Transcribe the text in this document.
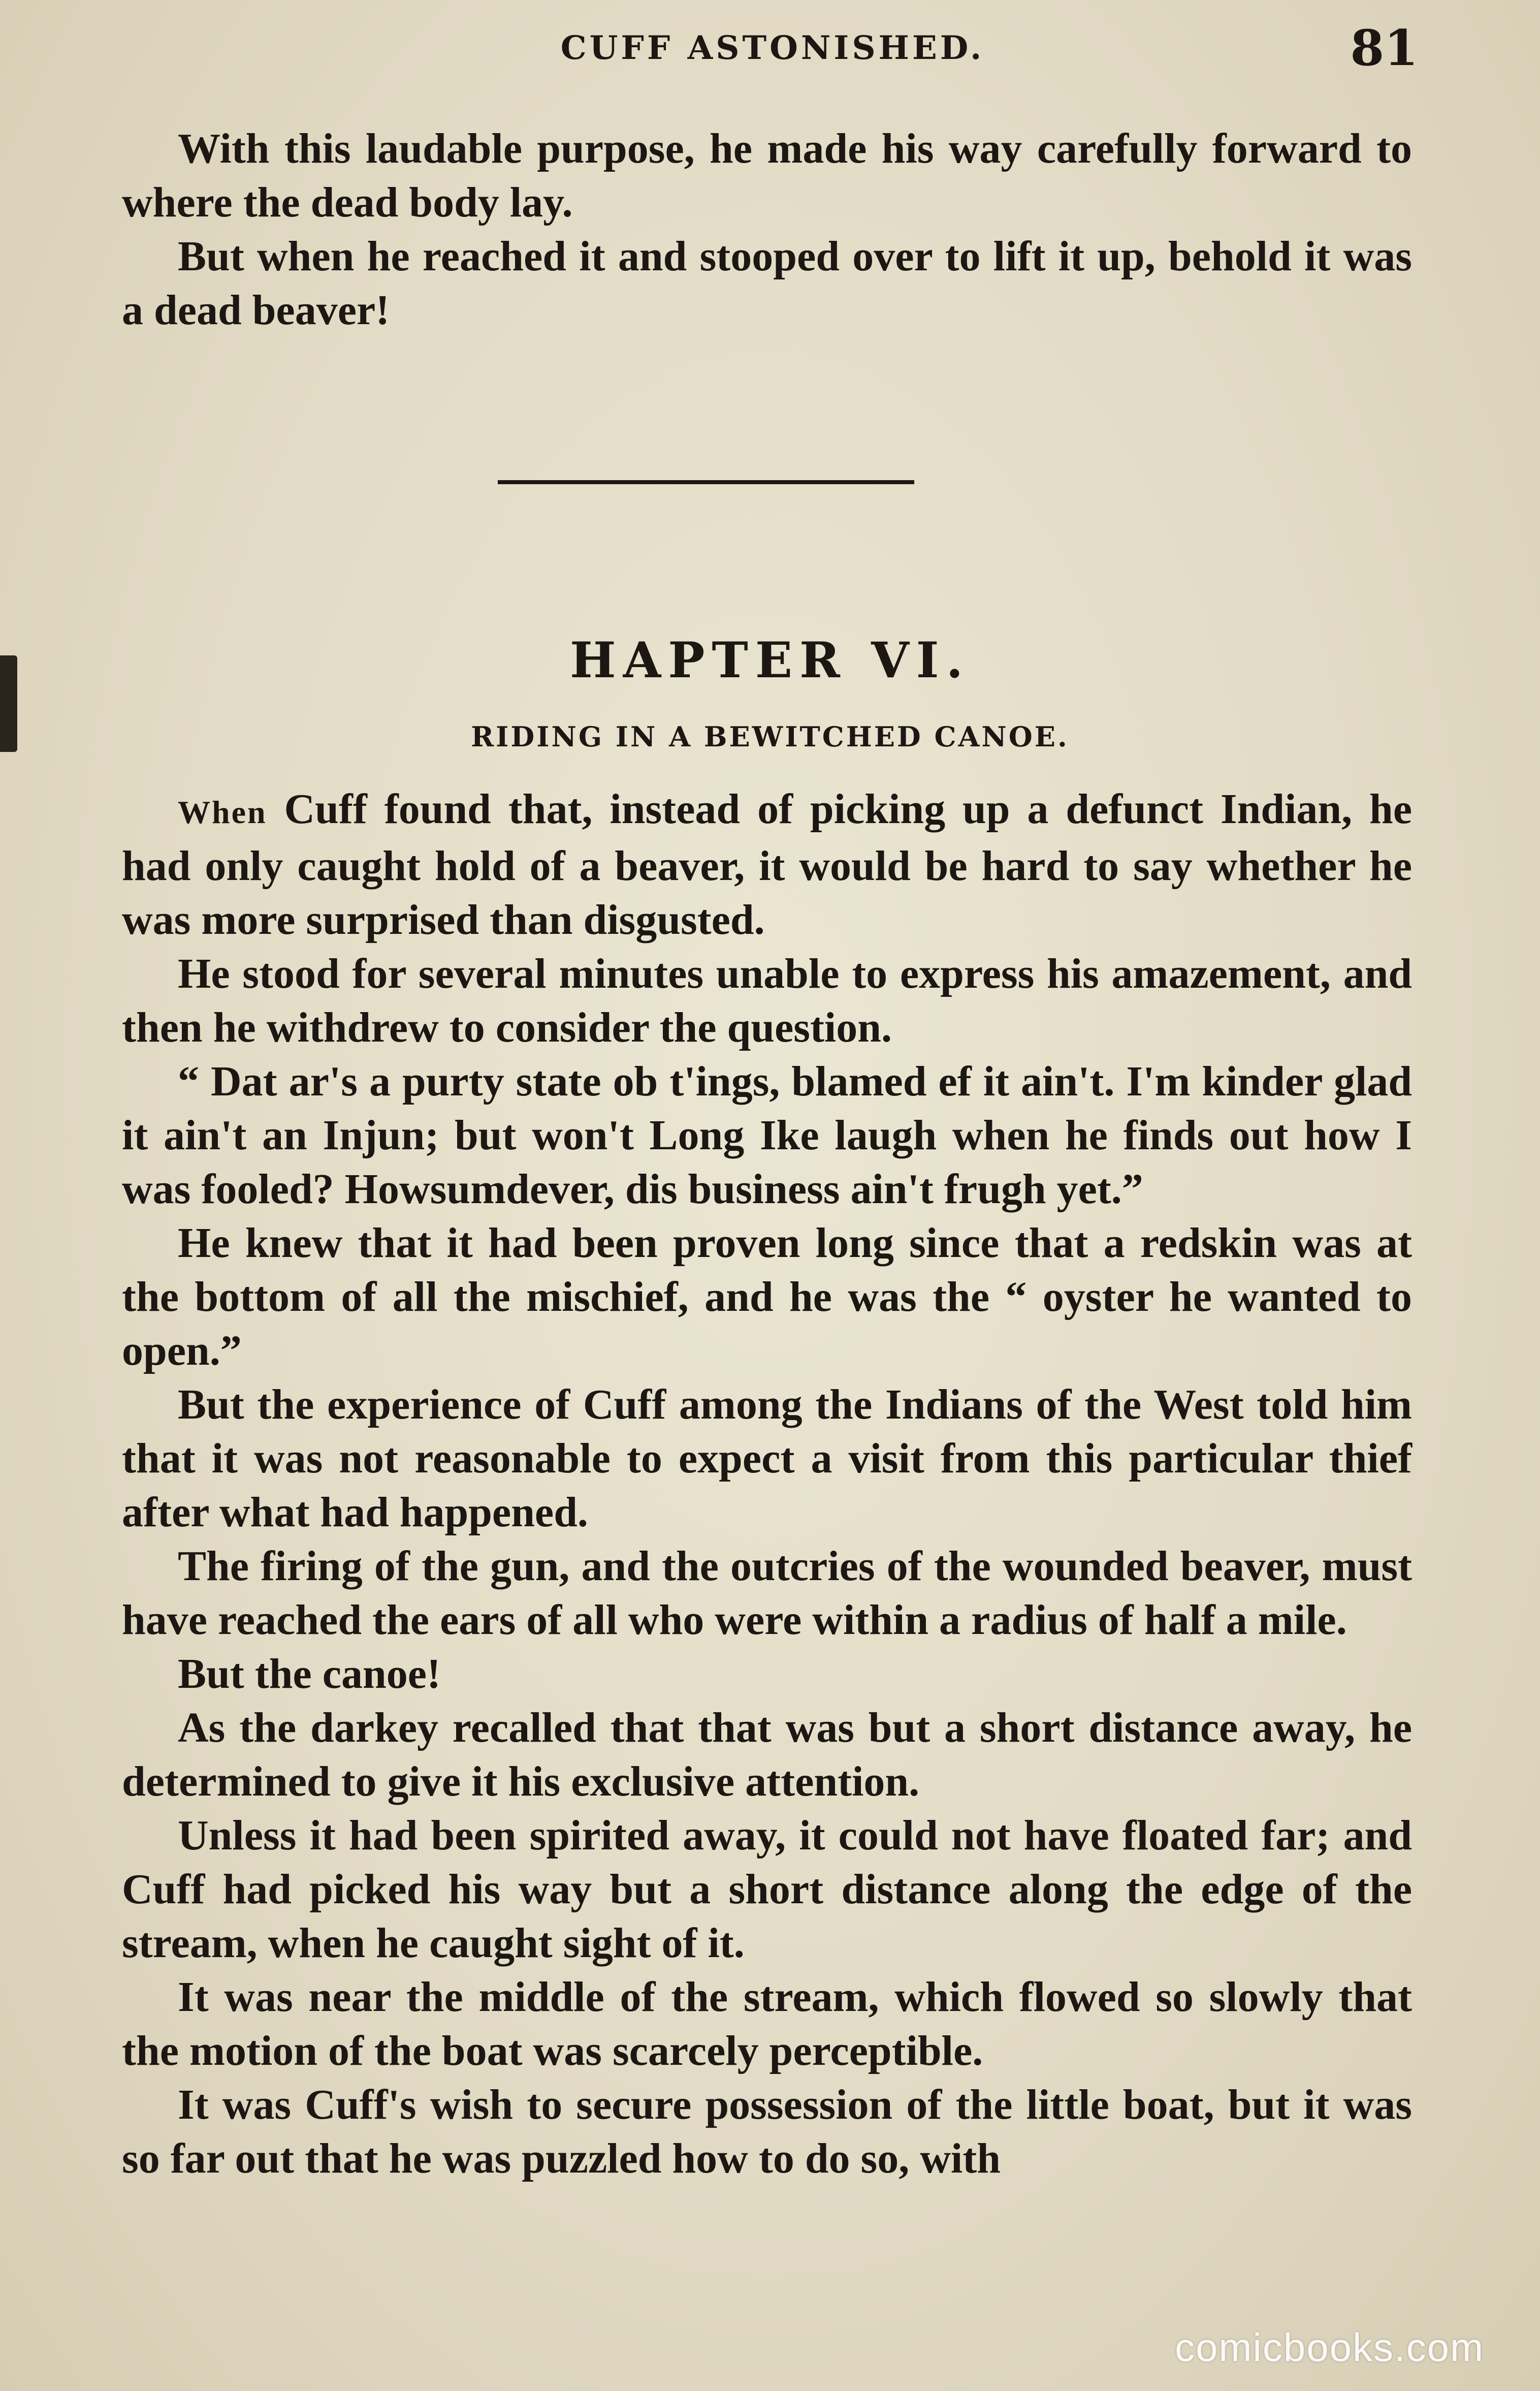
CUFF ASTONISHED.	81

With this laudable purpose, he made his way carefully forward to where the dead body lay.

But when he reached it and stooped over to lift it up, behold it was a dead beaver!

HAPTER VI.
RIDING IN A BEWITCHED CANOE.

When Cuff found that, instead of picking up a defunct Indian, he had only caught hold of a beaver, it would be hard to say whether he was more surprised than disgusted.

He stood for several minutes unable to express his amazement, and then he withdrew to consider the question.

“ Dat ar's a purty state ob t'ings, blamed ef it ain't. I'm kinder glad it ain't an Injun; but won't Long Ike laugh when he finds out how I was fooled? Howsumdever, dis business ain't frugh yet.”

He knew that it had been proven long since that a redskin was at the bottom of all the mischief, and he was the “ oyster he wanted to open.”

But the experience of Cuff among the Indians of the West told him that it was not reasonable to expect a visit from this particular thief after what had happened.

The firing of the gun, and the outcries of the wounded beaver, must have reached the ears of all who were within a radius of half a mile.

But the canoe!

As the darkey recalled that that was but a short distance away, he determined to give it his exclusive attention.

Unless it had been spirited away, it could not have floated far; and Cuff had picked his way but a short distance along the edge of the stream, when he caught sight of it.

It was near the middle of the stream, which flowed so slowly that the motion of the boat was scarcely perceptible.

It was Cuff's wish to secure possession of the little boat, but it was so far out that he was puzzled how to do so, with

comicbooks.com
